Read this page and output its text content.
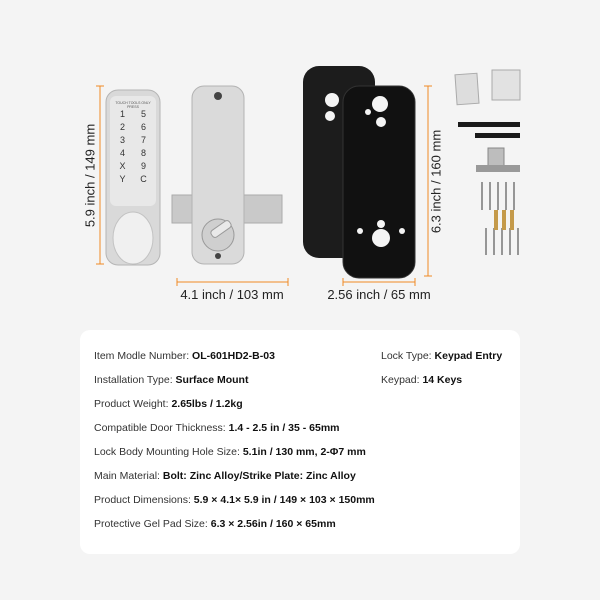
TOUCH TOOLS ONLY PRESS
1	5
2	6
3	7
4	8
X	9
Y	C
5.9 inch / 149 mm
4.1 inch / 103 mm
6.3 inch / 160 mm
2.56 inch / 65 mm
Item Modle Number: OL-601HD2-B-03	Lock Type: Keypad Entry
Installation Type: Surface Mount	Keypad: 14 Keys
Product Weight: 2.65lbs / 1.2kg
Compatible Door Thickness: 1.4 - 2.5 in / 35 - 65mm
Lock Body Mounting Hole Size: 5.1in / 130 mm, 2-Φ7 mm
Main Material: Bolt: Zinc Alloy/Strike Plate: Zinc Alloy
Product Dimensions: 5.9 × 4.1× 5.9 in / 149 × 103 × 150mm
Protective Gel Pad Size: 6.3 × 2.56in / 160 × 65mm
